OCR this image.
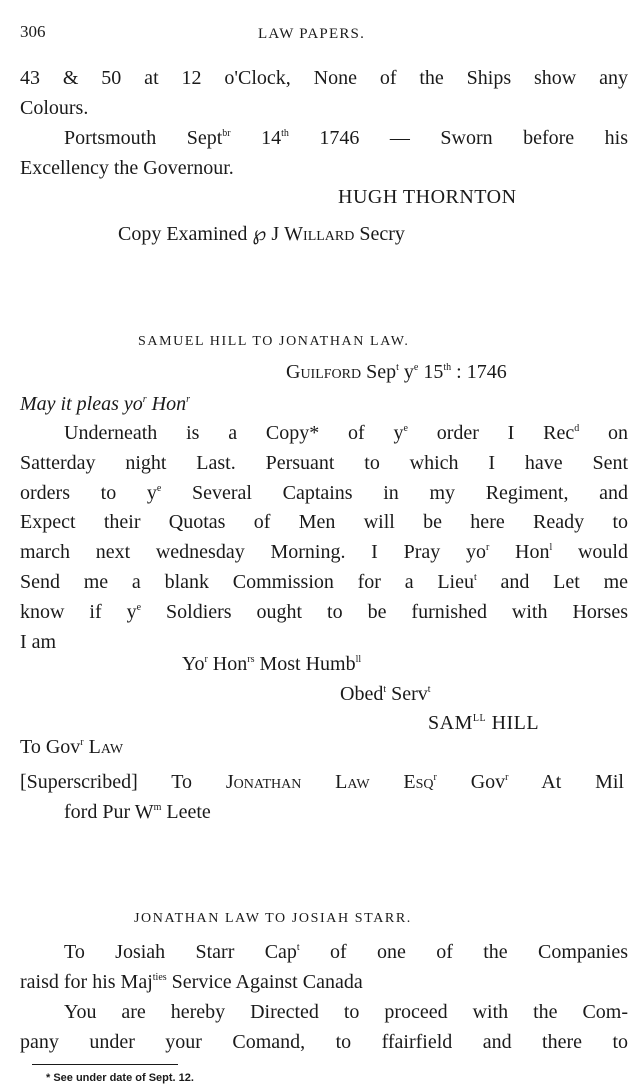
306	LAW PAPERS.
43 & 50 at 12 o'Clock, None of the Ships show any
Colours.
Portsmouth Sept$^{br}$ 14th 1746 — Sworn before his
Excellency the Governour.
HUGH THORNTON
Copy Examined ℘ J Willard Secry
SAMUEL HILL TO JONATHAN LAW.
Guilford Sep$^t$ $y^e$ 15th : 1746
May it pleas $yo^r$ Hon$^r$
Underneath is a Copy* of $y^e$ order I Rec$^d$ on
Satterday night Last. Persuant to which I have Sent
orders to $y^e$ Several Captains in my Regiment, and
Expect their Quotas of Men will be here Ready to
march next wednesday Morning. I Pray $yo^r$ Hon$^l$ would
Send me a blank Commission for a Lieu$^t$ and Let me
know if $y^e$ Soldiers ought to be furnished with Horses
I am
Yo$^r$ Hon$^{rs}$ Most Humb$^{ll}$
Obed$^t$ Serv$^t$
$SAM^{LL}$ HILL
To Gov$^r$ Law
[Superscribed] To Jonathan Law Esq$^r$ Gov$^r$ At Mil
ford Pur $W^m$ Leete
JONATHAN LAW TO JOSIAH STARR.
To Josiah Starr Cap$^t$ of one of the Companies
raisd for his Maj$^{ties}$ Service Against Canada
You are hereby Directed to proceed with the Com-
pany under your Comand, to ffairfield and there to
* See under date of Sept. 12.
